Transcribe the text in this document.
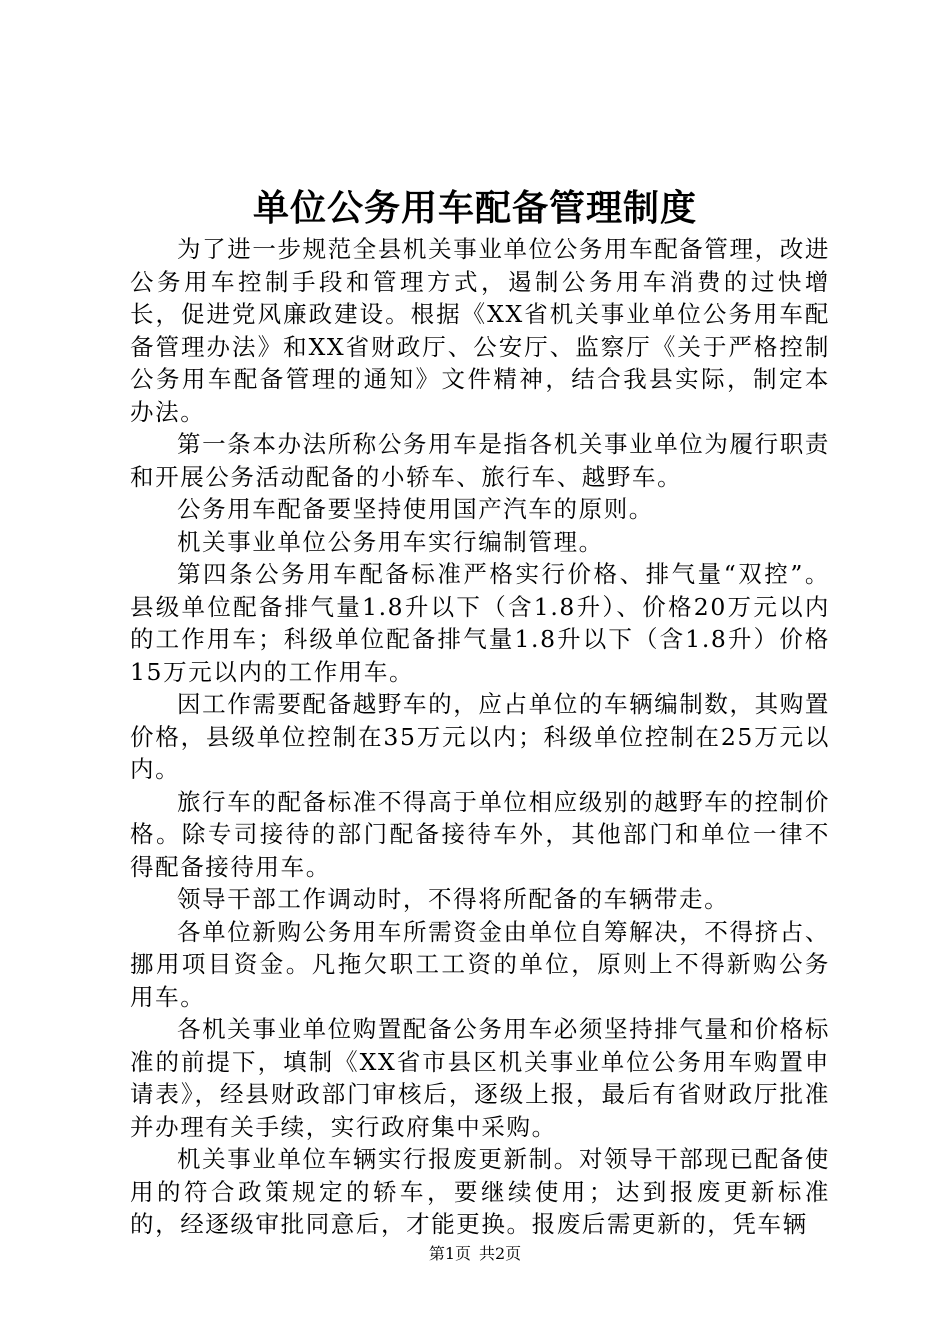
单位公务用车配备管理制度

为了进一步规范全县机关事业单位公务用车配备管理，改进公务用车控制手段和管理方式，遏制公务用车消费的过快增长，促进党风廉政建设。根据《XX省机关事业单位公务用车配备管理办法》和XX省财政厅、公安厅、监察厅《关于严格控制公务用车配备管理的通知》文件精神，结合我县实际，制定本办法。

第一条本办法所称公务用车是指各机关事业单位为履行职责和开展公务活动配备的小轿车、旅行车、越野车。

公务用车配备要坚持使用国产汽车的原则。

机关事业单位公务用车实行编制管理。

第四条公务用车配备标准严格实行价格、排气量“双控”。县级单位配备排气量1.8升以下（含1.8升）、价格20万元以内的工作用车；科级单位配备排气量1.8升以下（含1.8升）价格15万元以内的工作用车。

因工作需要配备越野车的，应占单位的车辆编制数，其购置价格，县级单位控制在35万元以内；科级单位控制在25万元以内。

旅行车的配备标准不得高于单位相应级别的越野车的控制价格。除专司接待的部门配备接待车外，其他部门和单位一律不得配备接待用车。

领导干部工作调动时，不得将所配备的车辆带走。

各单位新购公务用车所需资金由单位自筹解决，不得挤占、挪用项目资金。凡拖欠职工工资的单位，原则上不得新购公务用车。

各机关事业单位购置配备公务用车必须坚持排气量和价格标准的前提下，填制《XX省市县区机关事业单位公务用车购置申请表》，经县财政部门审核后，逐级上报，最后有省财政厅批准并办理有关手续，实行政府集中采购。

机关事业单位车辆实行报废更新制。对领导干部现已配备使用的符合政策规定的轿车，要继续使用；达到报废更新标准的，经逐级审批同意后，才能更换。报废后需更新的，凭车辆

第1页 共2页
